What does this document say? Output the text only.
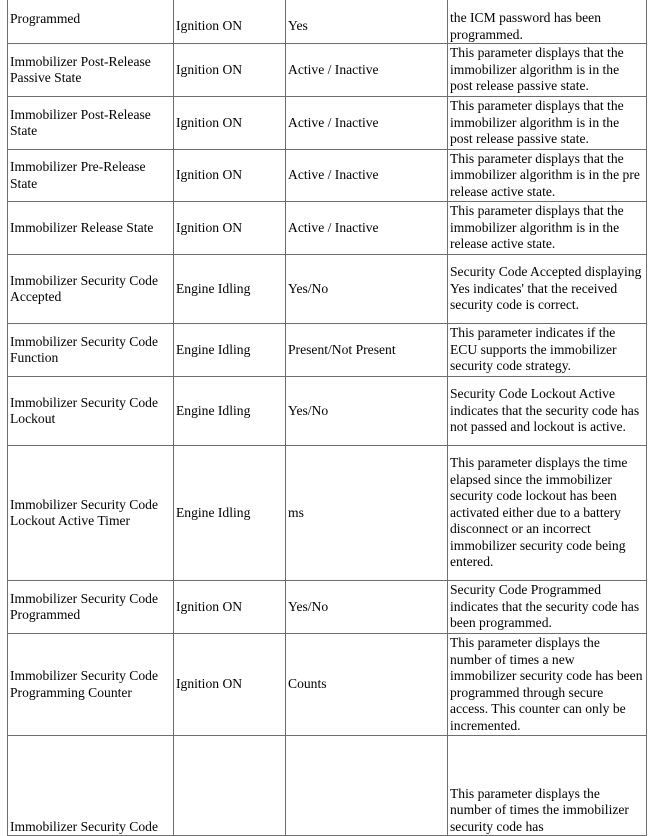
Programmed	Ignition ON	Yes	the ICM password has been programmed.
Immobilizer Post-Release Passive State	Ignition ON	Active / Inactive	This parameter displays that the immobilizer algorithm is in the post release passive state.
Immobilizer Post-Release State	Ignition ON	Active / Inactive	This parameter displays that the immobilizer algorithm is in the post release passive state.
Immobilizer Pre-Release State	Ignition ON	Active / Inactive	This parameter displays that the immobilizer algorithm is in the pre release active state.
Immobilizer Release State	Ignition ON	Active / Inactive	This parameter displays that the immobilizer algorithm is in the release active state.
Immobilizer Security Code Accepted	Engine Idling	Yes/No	Security Code Accepted displaying Yes indicates' that the received security code is correct.
Immobilizer Security Code Function	Engine Idling	Present/Not Present	This parameter indicates if the ECU supports the immobilizer security code strategy.
Immobilizer Security Code Lockout	Engine Idling	Yes/No	Security Code Lockout Active indicates that the security code has not passed and lockout is active.
Immobilizer Security Code Lockout Active Timer	Engine Idling	ms	This parameter displays the time elapsed since the immobilizer security code lockout has been activated either due to a battery disconnect or an incorrect immobilizer security code being entered.
Immobilizer Security Code Programmed	Ignition ON	Yes/No	Security Code Programmed indicates that the security code has been programmed.
Immobilizer Security Code Programming Counter	Ignition ON	Counts	This parameter displays the number of times a new immobilizer security code has been programmed through secure access. This counter can only be incremented.
Immobilizer Security Code			This parameter displays the number of times the immobilizer security code has
